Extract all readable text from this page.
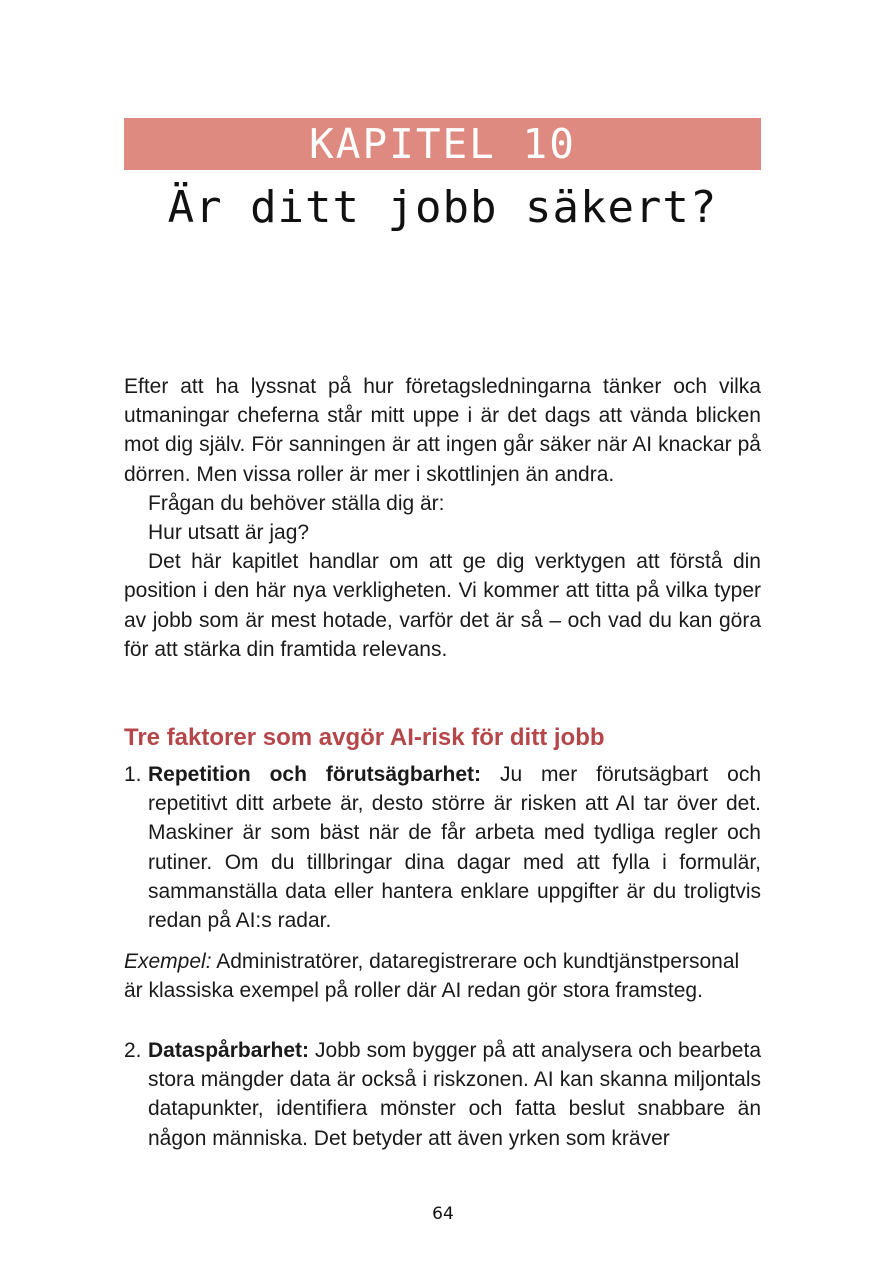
KAPITEL 10
Är ditt jobb säkert?

Efter att ha lyssnat på hur företagsledningarna tänker och vilka utmaningar cheferna står mitt uppe i är det dags att vända blicken mot dig själv. För sanningen är att ingen går säker när AI knackar på dörren. Men vissa roller är mer i skottlinjen än andra.

Frågan du behöver ställa dig är:

Hur utsatt är jag?

Det här kapitlet handlar om att ge dig verktygen att förstå din position i den här nya verkligheten. Vi kommer att titta på vilka typer av jobb som är mest hotade, varför det är så – och vad du kan göra för att stärka din framtida relevans.

Tre faktorer som avgör AI-risk för ditt jobb
1. Repetition och förutsägbarhet: Ju mer förutsägbart och repetitivt ditt arbete är, desto större är risken att AI tar över det. Maskiner är som bäst när de får arbeta med tydliga regler och rutiner. Om du tillbringar dina dagar med att fylla i formulär, sammanställa data eller hantera enklare uppgifter är du troligtvis redan på AI:s radar.

Exempel: Administratörer, dataregistrerare och kundtjänstpersonal är klassiska exempel på roller där AI redan gör stora framsteg.

2. Dataspårbarhet: Jobb som bygger på att analysera och bearbeta stora mängder data är också i riskzonen. AI kan skanna miljontals datapunkter, identifiera mönster och fatta beslut snabbare än någon människa. Det betyder att även yrken som kräver
64
